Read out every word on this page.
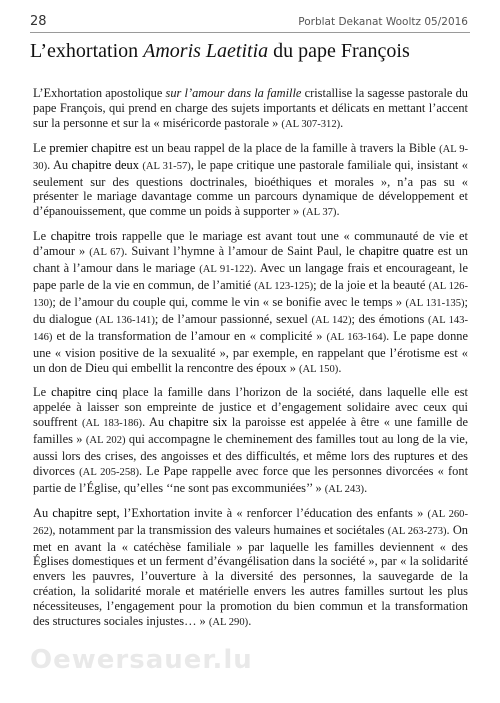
28	Porblat Dekanat Wooltz 05/2016
L’exhortation Amoris Laetitia du pape François

L’Exhortation apostolique sur l’amour dans la famille cristallise la sagesse pastorale du pape François, qui prend en charge des sujets importants et délicats en mettant l’accent sur la personne et sur la « miséricorde pastorale » (AL 307-312).

Le premier chapitre est un beau rappel de la place de la famille à travers la Bible (AL 9-30). Au chapitre deux (AL 31-57), le pape critique une pastorale familiale qui, insistant « seulement sur des questions doctrinales, bioéthiques et morales », n’a pas su « présenter le mariage davantage comme un parcours dynamique de développement et d’épanouissement, que comme un poids à supporter » (AL 37).

Le chapitre trois rappelle que le mariage est avant tout une « communauté de vie et d’amour » (AL 67). Suivant l’hymne à l’amour de Saint Paul, le chapitre quatre est un chant à l’amour dans le mariage (AL 91-122). Avec un langage frais et encourageant, le pape parle de la vie en commun, de l’amitié (AL 123-125); de la joie et la beauté (AL 126-130); de l’amour du couple qui, comme le vin « se bonifie avec le temps » (AL 131-135); du dialogue (AL 136-141); de l’amour passionné, sexuel (AL 142); des émotions (AL 143-146) et de la transformation de l’amour en « complicité » (AL 163-164). Le pape donne une « vision positive de la sexualité », par exemple, en rappelant que l’érotisme est « un don de Dieu qui embellit la rencontre des époux » (AL 150).

Le chapitre cinq place la famille dans l’horizon de la société, dans laquelle elle est appelée à laisser son empreinte de justice et d’engagement solidaire avec ceux qui souffrent (AL 183-186). Au chapitre six la paroisse est appelée à être « une famille de familles » (AL 202) qui accompagne le cheminement des familles tout au long de la vie, aussi lors des crises, des angoisses et des difficultés, et même lors des ruptures et des divorces (AL 205-258). Le Pape rappelle avec force que les personnes divorcées « font partie de l’Église, qu’elles ‘‘ne sont pas excommuniées’’ » (AL 243).

Au chapitre sept, l’Exhortation invite à « renforcer l’éducation des enfants » (AL 260-262), notamment par la transmission des valeurs humaines et sociétales (AL 263-273). On met en avant la « catéchèse familiale » par laquelle les familles deviennent « des Églises domestiques et un ferment d’évangélisation dans la société », par « la solidarité envers les pauvres, l’ouverture à la diversité des personnes, la sauvegarde de la création, la solidarité morale et matérielle envers les autres familles surtout les plus nécessiteuses, l’engagement pour la promotion du bien commun et la transformation des structures sociales injustes… » (AL 290).

Oewersauer.lu
